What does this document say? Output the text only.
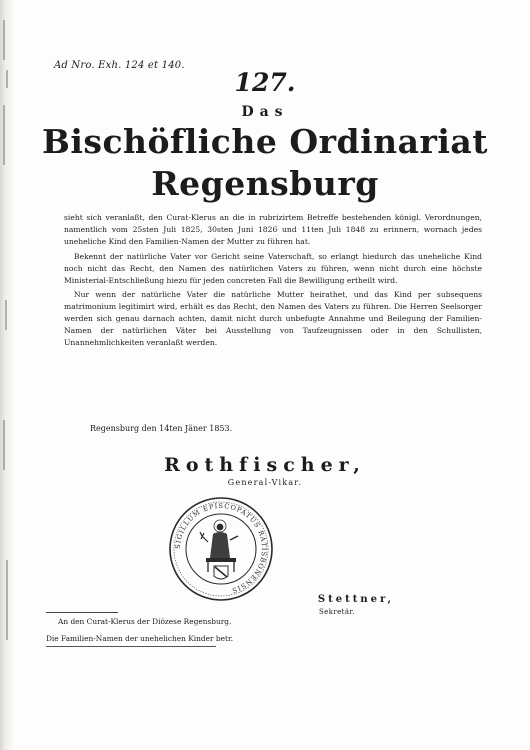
Ad Nro. Exh. 124 et 140.
127.
Das
Bischöfliche Ordinariat
Regensburg

sieht sich veranlaßt, den Curat-Klerus an die in rubrizirtem Betreffe bestehenden königl. Verordnungen, namentlich vom 25sten Juli 1825, 30sten Juni 1826 und 11ten Juli 1848 zu erinnern, wornach jedes uneheliche Kind den Familien-Namen der Mutter zu führen hat.

Bekennt der natürliche Vater vor Gericht seine Vaterschaft, so erlangt hiedurch das uneheliche Kind noch nicht das Recht, den Namen des natürlichen Vaters zu führen, wenn nicht durch eine höchste Ministerial-Entschließung hiezu für jeden concreten Fall die Bewilligung ertheilt wird.

Nur wenn der natürliche Vater die natürliche Mutter heirathet, und das Kind per subsequens matrimonium legitimirt wird, erhält es das Recht, den Namen des Vaters zu führen. Die Herren Seelsorger werden sich genau darnach achten, damit nicht durch unbefugte Annahme und Beilegung der Familien-Namen der natürlichen Väter bei Ausstellung von Taufzeugnissen oder in den Schullisten, Unannehmlichkeiten veranlaßt werden.

Regensburg den 14ten Jäner 1853.
Rothfischer,
General-Vikar.
SIGILLUM EPISCOPATUS RATISBONENSIS
Stettner,
Sekretär.
An den Curat-Klerus der Diözese Regensburg.
Die Familien-Namen der unehelichen Kinder betr.
